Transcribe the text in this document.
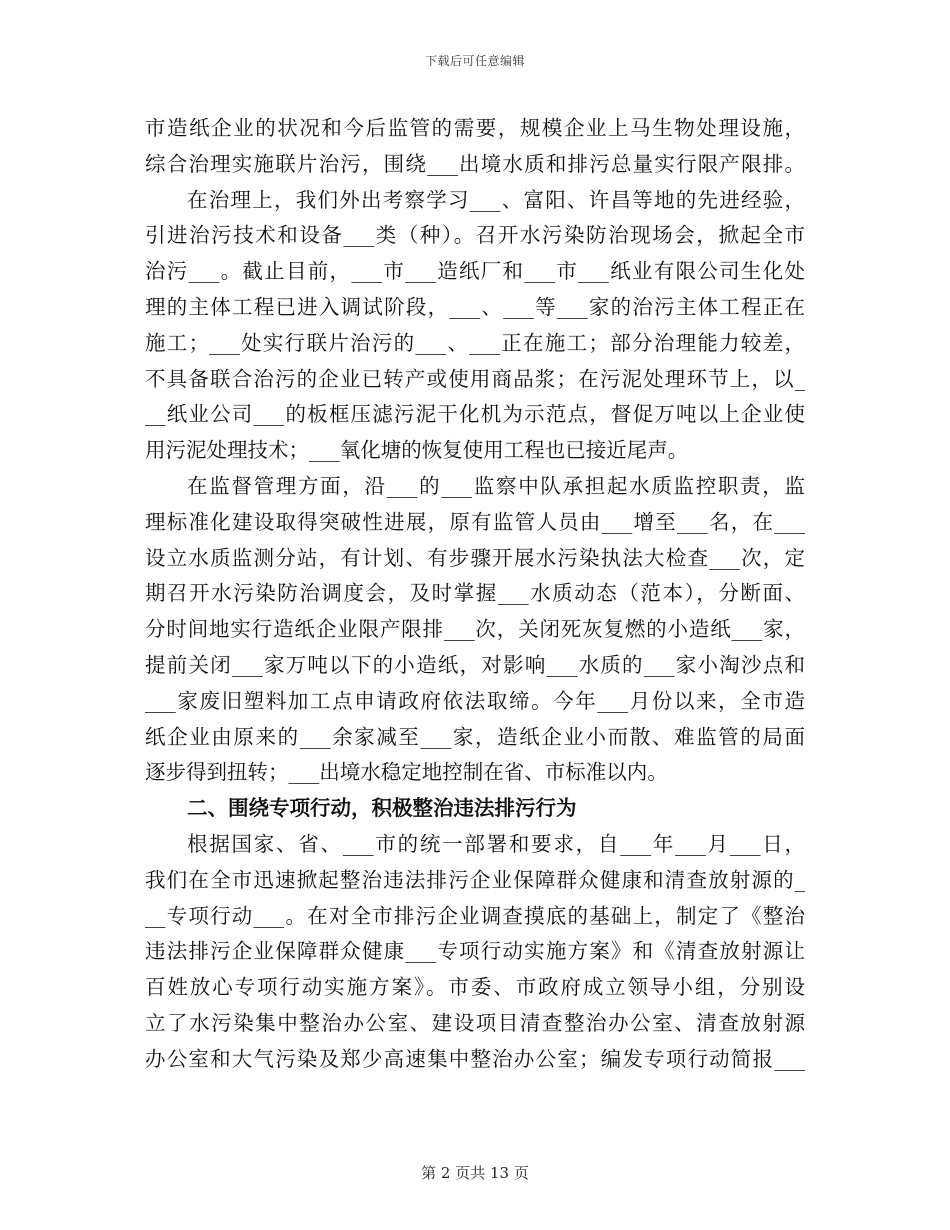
下载后可任意编辑
市造纸企业的状况和今后监管的需要，规模企业上马生物处理设施，
综合治理实施联片治污，围绕___出境水质和排污总量实行限产限排。
在治理上，我们外出考察学习___、富阳、许昌等地的先进经验，
引进治污技术和设备___类（种）。召开水污染防治现场会，掀起全市
治污___。截止目前，___市___造纸厂和___市___纸业有限公司生化处
理的主体工程已进入调试阶段，___、___等___家的治污主体工程正在
施工；___处实行联片治污的___、___正在施工；部分治理能力较差，
不具备联合治污的企业已转产或使用商品浆；在污泥处理环节上，以_
__纸业公司___的板框压滤污泥干化机为示范点，督促万吨以上企业使
用污泥处理技术；___氧化塘的恢复使用工程也已接近尾声。
在监督管理方面，沿___的___监察中队承担起水质监控职责，监
理标准化建设取得突破性进展，原有监管人员由___增至___名，在___
设立水质监测分站，有计划、有步骤开展水污染执法大检查___次，定
期召开水污染防治调度会，及时掌握___水质动态（范本），分断面、
分时间地实行造纸企业限产限排___次，关闭死灰复燃的小造纸___家，
提前关闭___家万吨以下的小造纸，对影响___水质的___家小淘沙点和
___家废旧塑料加工点申请政府依法取缔。今年___月份以来，全市造
纸企业由原来的___余家减至___家，造纸企业小而散、难监管的局面
逐步得到扭转；___出境水稳定地控制在省、市标准以内。
二、围绕专项行动，积极整治违法排污行为
根据国家、省、___市的统一部署和要求，自___年___月___日，
我们在全市迅速掀起整治违法排污企业保障群众健康和清查放射源的_
__专项行动___。在对全市排污企业调查摸底的基础上，制定了《整治
违法排污企业保障群众健康___专项行动实施方案》和《清查放射源让
百姓放心专项行动实施方案》。市委、市政府成立领导小组，分别设
立了水污染集中整治办公室、建设项目清查整治办公室、清查放射源
办公室和大气污染及郑少高速集中整治办公室；编发专项行动简报___
第 2 页共 13 页
